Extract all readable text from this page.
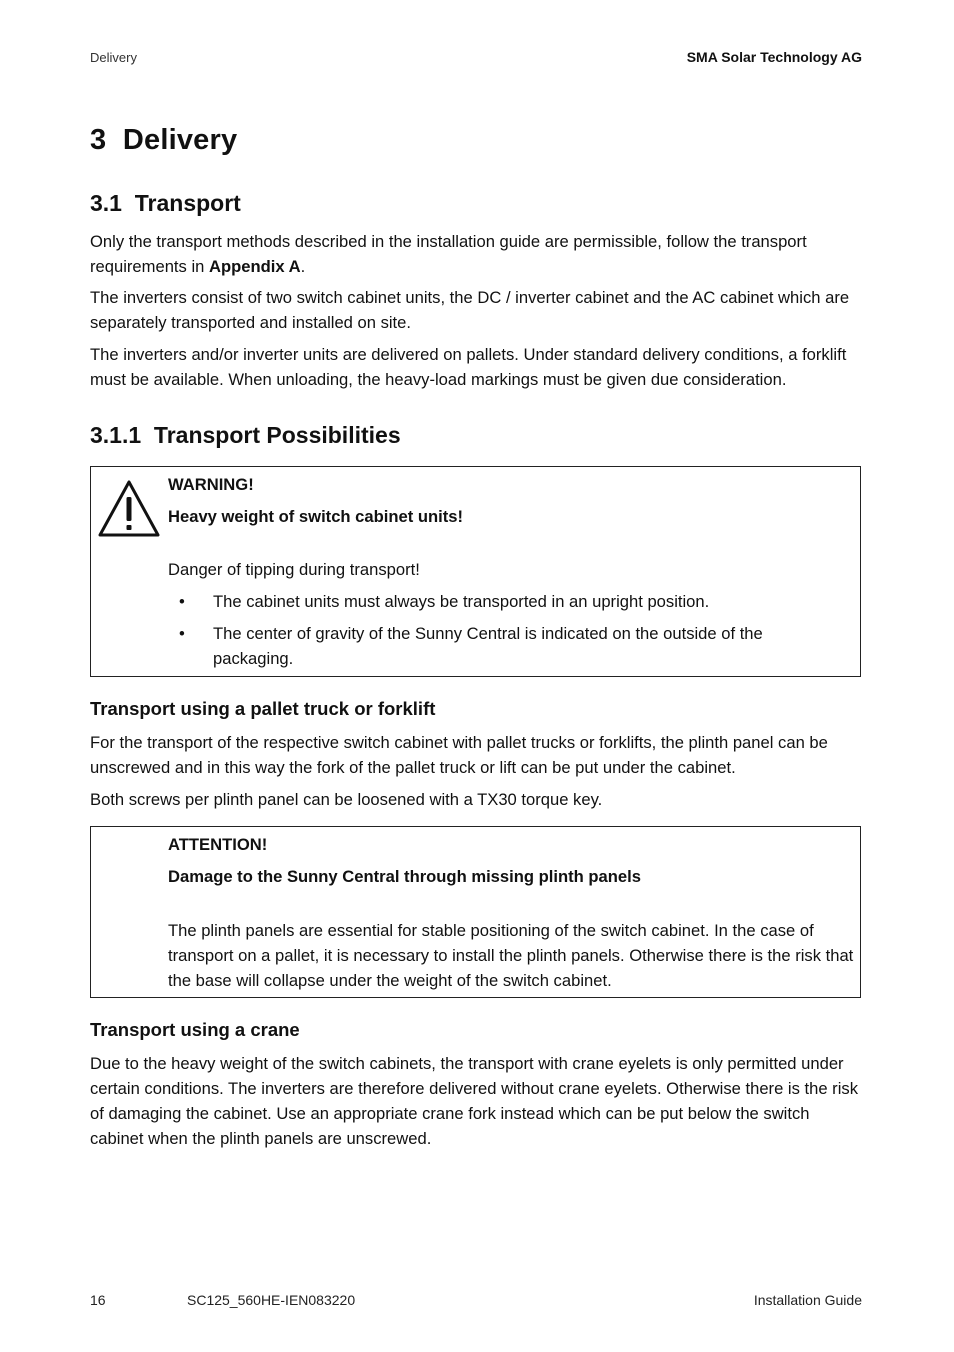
Delivery	SMA Solar Technology AG
3  Delivery
3.1  Transport

Only the transport methods described in the installation guide are permissible, follow the transport requirements in Appendix A.

The inverters consist of two switch cabinet units, the DC / inverter cabinet and the AC cabinet which are separately transported and installed on site.

The inverters and/or inverter units are delivered on pallets. Under standard delivery conditions, a forklift must be available. When unloading, the heavy-load markings must be given due consideration.

3.1.1  Transport Possibilities
WARNING!
Heavy weight of switch cabinet units!
Danger of tipping during transport!
• The cabinet units must always be transported in an upright position.
• The center of gravity of the Sunny Central is indicated on the outside of the packaging.
Transport using a pallet truck or forklift

For the transport of the respective switch cabinet with pallet trucks or forklifts, the plinth panel can be unscrewed and in this way the fork of the pallet truck or lift can be put under the cabinet.

Both screws per plinth panel can be loosened with a TX30 torque key.

ATTENTION!
Damage to the Sunny Central through missing plinth panels
The plinth panels are essential for stable positioning of the switch cabinet. In the case of transport on a pallet, it is necessary to install the plinth panels. Otherwise there is the risk that the base will collapse under the weight of the switch cabinet.
Transport using a crane

Due to the heavy weight of the switch cabinets, the transport with crane eyelets is only permitted under certain conditions. The inverters are therefore delivered without crane eyelets. Otherwise there is the risk of damaging the cabinet. Use an appropriate crane fork instead which can be put below the switch cabinet when the plinth panels are unscrewed.

16	SC125_560HE-IEN083220	Installation Guide
